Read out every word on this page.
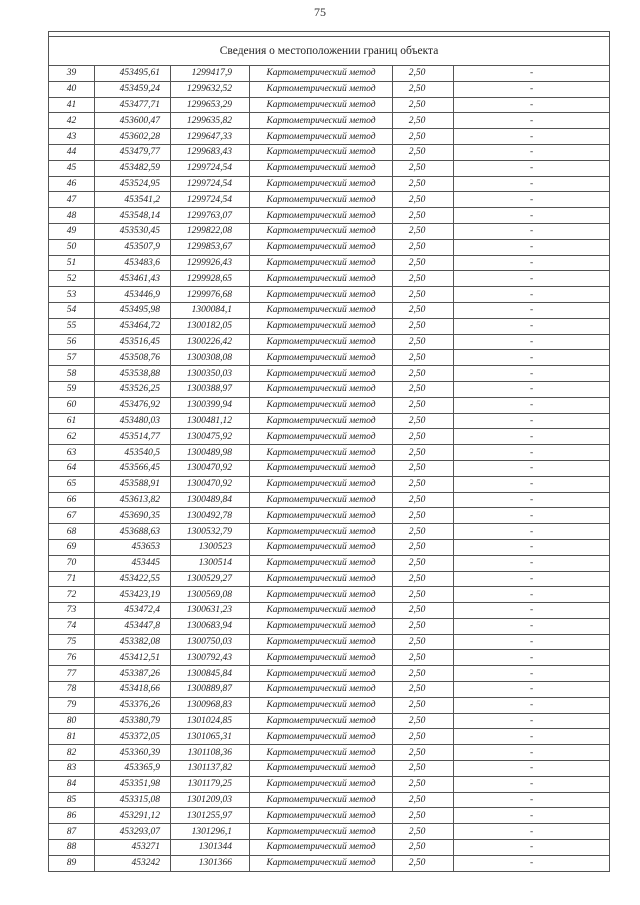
75

Сведения о местоположении границ объекта					
39	453495,61	1299417,9	Картометрический метод	2,50	-
40	453459,24	1299632,52	Картометрический метод	2,50	-
41	453477,71	1299653,29	Картометрический метод	2,50	-
42	453600,47	1299635,82	Картометрический метод	2,50	-
43	453602,28	1299647,33	Картометрический метод	2,50	-
44	453479,77	1299683,43	Картометрический метод	2,50	-
45	453482,59	1299724,54	Картометрический метод	2,50	-
46	453524,95	1299724,54	Картометрический метод	2,50	-
47	453541,2	1299724,54	Картометрический метод	2,50	-
48	453548,14	1299763,07	Картометрический метод	2,50	-
49	453530,45	1299822,08	Картометрический метод	2,50	-
50	453507,9	1299853,67	Картометрический метод	2,50	-
51	453483,6	1299926,43	Картометрический метод	2,50	-
52	453461,43	1299928,65	Картометрический метод	2,50	-
53	453446,9	1299976,68	Картометрический метод	2,50	-
54	453495,98	1300084,1	Картометрический метод	2,50	-
55	453464,72	1300182,05	Картометрический метод	2,50	-
56	453516,45	1300226,42	Картометрический метод	2,50	-
57	453508,76	1300308,08	Картометрический метод	2,50	-
58	453538,88	1300350,03	Картометрический метод	2,50	-
59	453526,25	1300388,97	Картометрический метод	2,50	-
60	453476,92	1300399,94	Картометрический метод	2,50	-
61	453480,03	1300481,12	Картометрический метод	2,50	-
62	453514,77	1300475,92	Картометрический метод	2,50	-
63	453540,5	1300489,98	Картометрический метод	2,50	-
64	453566,45	1300470,92	Картометрический метод	2,50	-
65	453588,91	1300470,92	Картометрический метод	2,50	-
66	453613,82	1300489,84	Картометрический метод	2,50	-
67	453690,35	1300492,78	Картометрический метод	2,50	-
68	453688,63	1300532,79	Картометрический метод	2,50	-
69	453653	1300523	Картометрический метод	2,50	-
70	453445	1300514	Картометрический метод	2,50	-
71	453422,55	1300529,27	Картометрический метод	2,50	-
72	453423,19	1300569,08	Картометрический метод	2,50	-
73	453472,4	1300631,23	Картометрический метод	2,50	-
74	453447,8	1300683,94	Картометрический метод	2,50	-
75	453382,08	1300750,03	Картометрический метод	2,50	-
76	453412,51	1300792,43	Картометрический метод	2,50	-
77	453387,26	1300845,84	Картометрический метод	2,50	-
78	453418,66	1300889,87	Картометрический метод	2,50	-
79	453376,26	1300968,83	Картометрический метод	2,50	-
80	453380,79	1301024,85	Картометрический метод	2,50	-
81	453372,05	1301065,31	Картометрический метод	2,50	-
82	453360,39	1301108,36	Картометрический метод	2,50	-
83	453365,9	1301137,82	Картометрический метод	2,50	-
84	453351,98	1301179,25	Картометрический метод	2,50	-
85	453315,08	1301209,03	Картометрический метод	2,50	-
86	453291,12	1301255,97	Картометрический метод	2,50	-
87	453293,07	1301296,1	Картометрический метод	2,50	-
88	453271	1301344	Картометрический метод	2,50	-
89	453242	1301366	Картометрический метод	2,50	-
